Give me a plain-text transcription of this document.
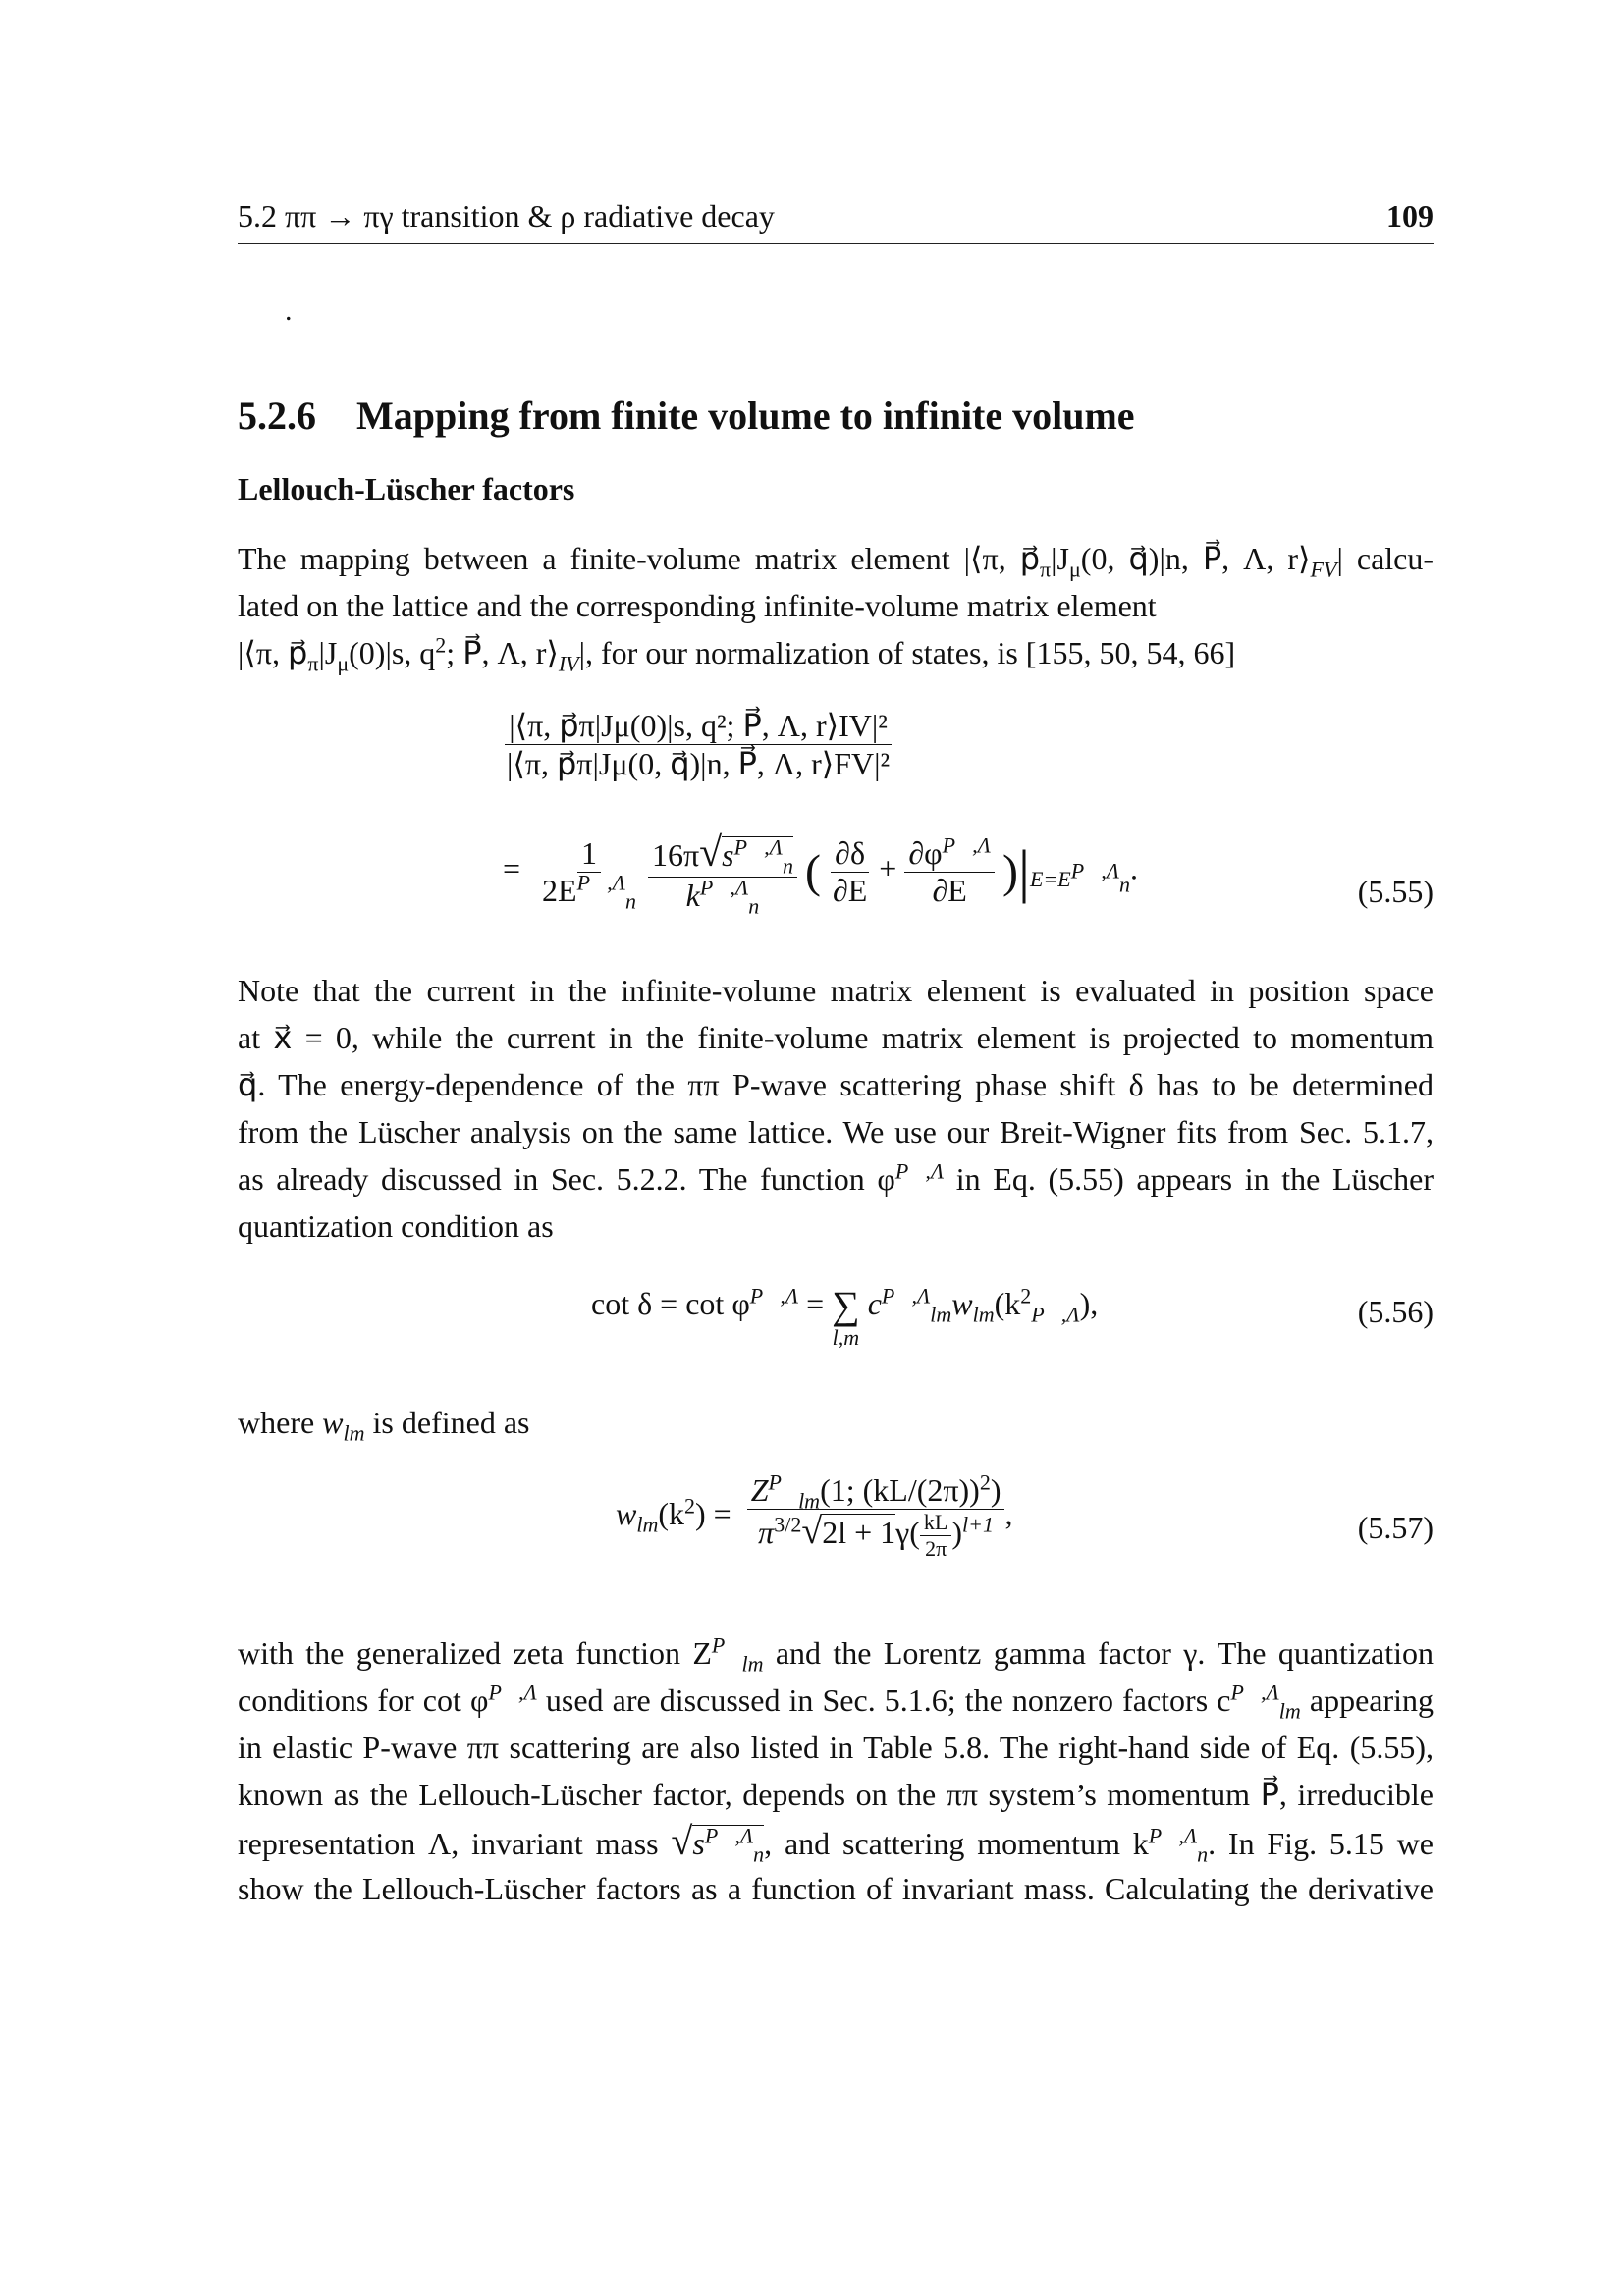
5.2 ππ → πγ transition & ρ radiative decay	109
.
5.2.6 Mapping from finite volume to infinite volume
Lellouch-Lüscher factors
The mapping between a finite-volume matrix element |⟨π, $p⃗_\pi|J_\mu(0$, q⃗)|n, P⃗, Λ, $r⟩_{FV}|$ calcu-
lated on the lattice and the corresponding infinite-volume matrix element
|⟨π, $p⃗_\pi|J_\mu(0)|s$, $q^2$; P⃗, Λ, $r⟩_{IV}|$, for our normalization of states, is [155, 50, 54, 66]
$\frac{\text{|⟨π, p⃗π|Jμ(0)|s, q²; P⃗, Λ, r⟩IV|²}}{\text{|⟨π, p⃗π|Jμ(0, q⃗)|n, P⃗, Λ, r⟩FV|²}}$
= $\frac{1}{2E^{P⃗,\Lambda}_n}$
$\frac{16\pi√s^{P⃗,\Lambda}_n}{k^{P⃗,\Lambda}_n}$ ( $\frac{\partial\delta}{\partial E} + \frac{\partial\varphi^{P⃗,\Lambda}}{\partial E} )|_{E=E^{P⃗,\Lambda}_n}$.
(5.55)
Note that the current in the infinite-volume matrix element is evaluated in position space
at x⃗ = 0, while the current in the finite-volume matrix element is projected to momentum
q⃗. The energy-dependence of the ππ P-wave scattering phase shift δ has to be determined
from the Lüscher analysis on the same lattice. We use our Breit-Wigner fits from Sec. 5.1.7,
as already discussed in Sec. 5.2.2. The function $\varphi^{P⃗,\Lambda}$ in Eq. (5.55) appears in the Lüscher
quantization condition as
$\cot \delta = \cot \varphi^{P⃗,\Lambda}$ = ∑
l,m
$c^{P⃗,\Lambda}_{lm}w_{lm}(k^2_{P⃗,\Lambda})$,	(5.56)
where $w_{lm}$ is defined as
$w_{lm}(k^2) = \frac{Z^{P⃗}_{lm}(1; (kL/(2\pi))^2)}{\pi^{3/2}√2l + 1\gamma( \frac{kL}{2\pi} )^{l+1}}$ ,	(5.57)
with the generalized zeta function $Z^{P⃗}_{lm}$ and the Lorentz gamma factor γ. The quantization
conditions for $\cot \varphi^{P⃗,\Lambda}$ used are discussed in Sec. 5.1.6; the nonzero factors $c^{P⃗,\Lambda}_{lm}$ appearing
in elastic P-wave ππ scattering are also listed in Table 5.8. The right-hand side of Eq. (5.55),
known as the Lellouch-Lüscher factor, depends on the ππ system’s momentum P⃗, irreducible
representation Λ, invariant mass $√s^{P⃗,\Lambda}_n$, and scattering momentum $k^{P⃗,\Lambda}_n$. In Fig. 5.15 we
show the Lellouch-Lüscher factors as a function of invariant mass. Calculating the derivative
